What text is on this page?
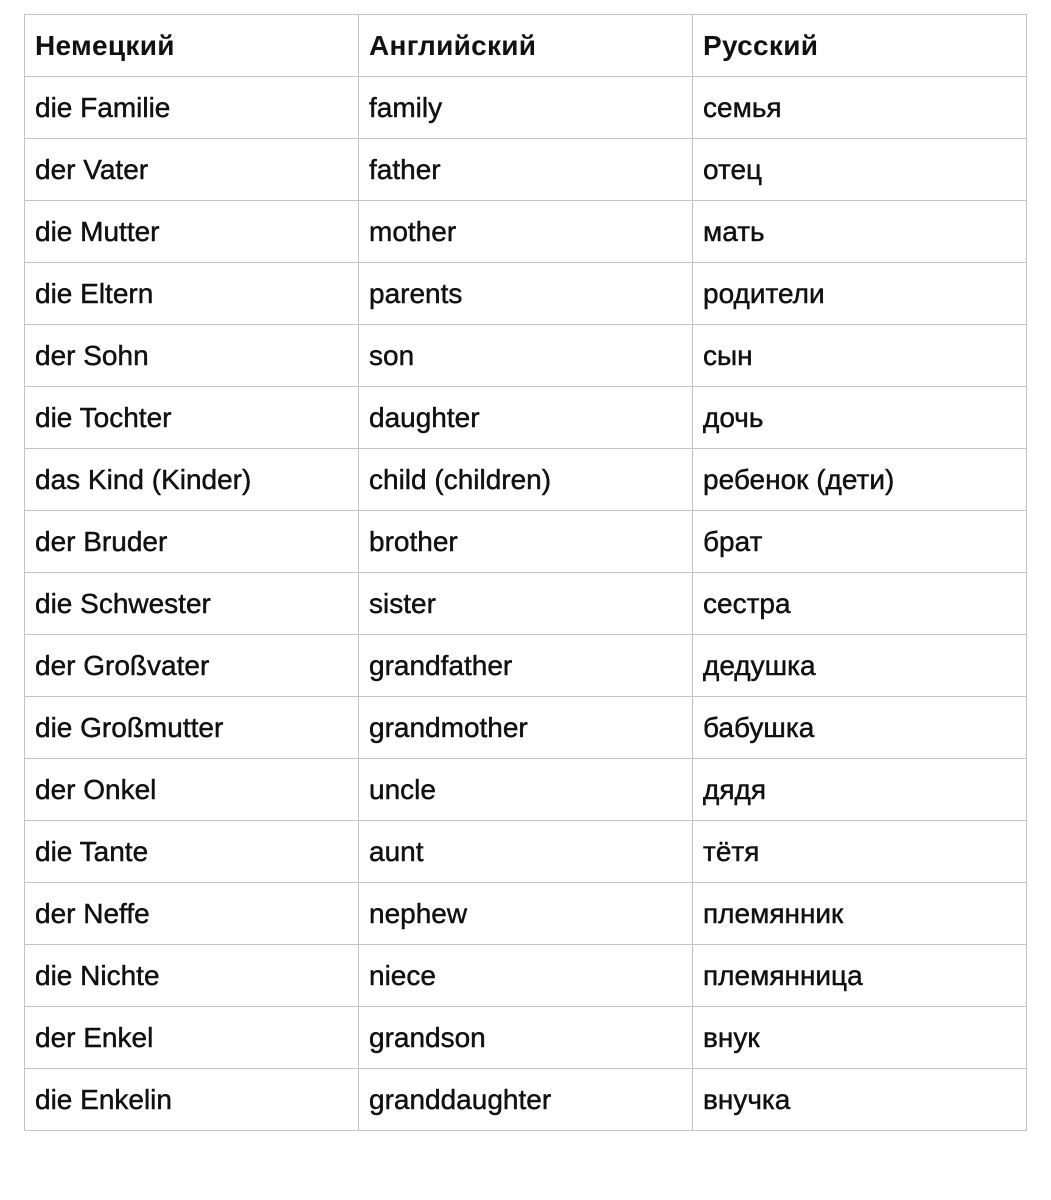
Немецкий	Английский	Русский
die Familie	family	семья
der Vater	father	отец
die Mutter	mother	мать
die Eltern	parents	родители
der Sohn	son	сын
die Tochter	daughter	дочь
das Kind (Kinder)	child (children)	ребенок (дети)
der Bruder	brother	брат
die Schwester	sister	сестра
der Großvater	grandfather	дедушка
die Großmutter	grandmother	бабушка
der Onkel	uncle	дядя
die Tante	aunt	тётя
der Neffe	nephew	племянник
die Nichte	niece	племянница
der Enkel	grandson	внук
die Enkelin	granddaughter	внучка
